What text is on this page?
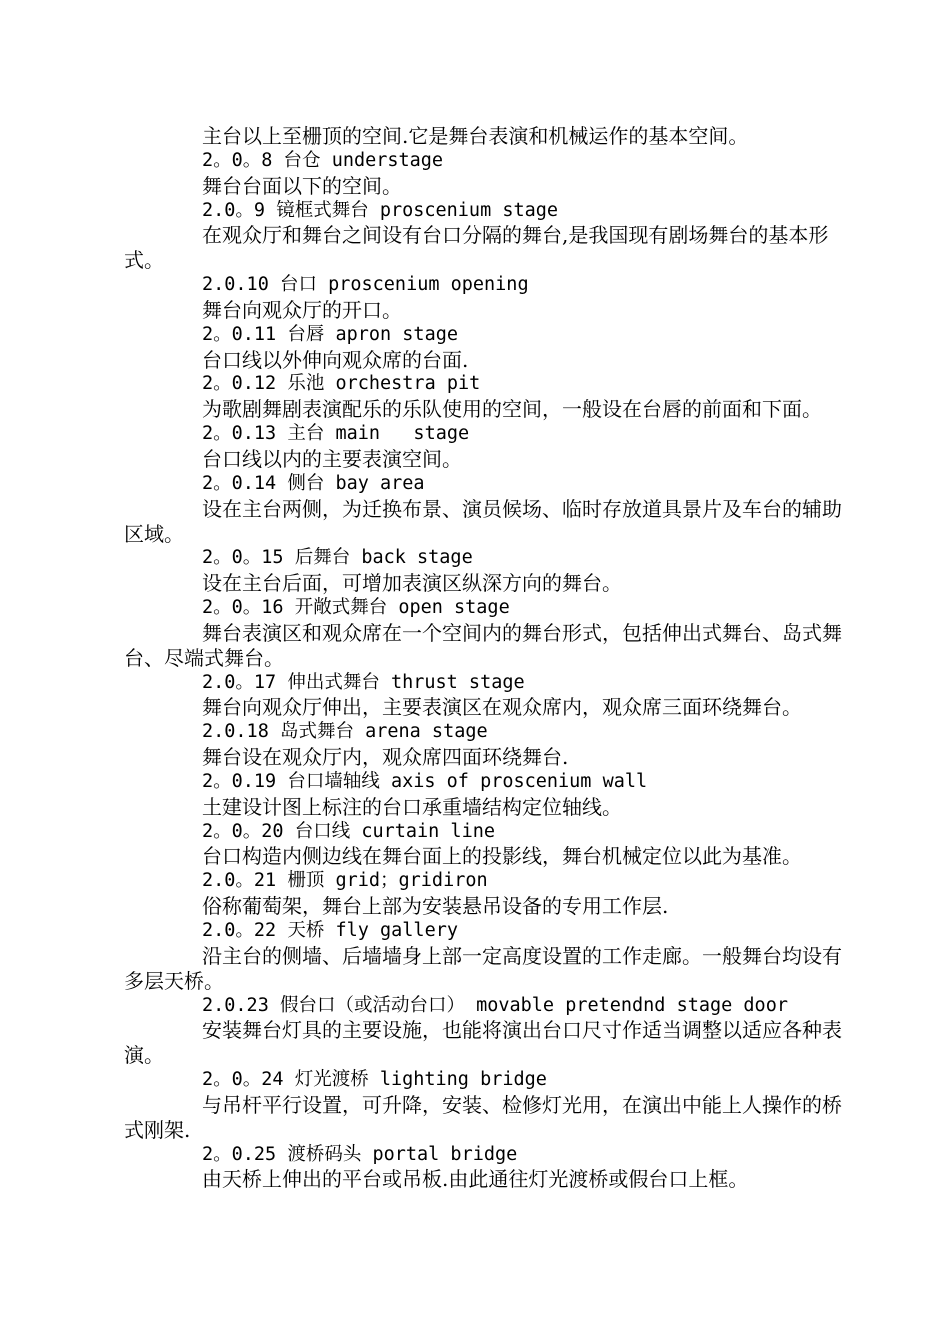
主台以上至栅顶的空间.它是舞台表演和机械运作的基本空间。

2。0。8 台仓 understage

舞台台面以下的空间。

2.0。9 镜框式舞台 proscenium stage

在观众厅和舞台之间设有台口分隔的舞台,是我国现有剧场舞台的基本形式。

2.0.10 台口 proscenium opening

舞台向观众厅的开口。

2。0.11 台唇 apron stage

台口线以外伸向观众席的台面.

2。0.12 乐池 orchestra pit

为歌剧舞剧表演配乐的乐队使用的空间，一般设在台唇的前面和下面。

2。0.13 主台 main   stage

台口线以内的主要表演空间。

2。0.14 侧台 bay area

设在主台两侧，为迁换布景、演员候场、临时存放道具景片及车台的辅助区域。

2。0。15 后舞台 back stage

设在主台后面，可增加表演区纵深方向的舞台。

2。0。16 开敞式舞台 open stage

舞台表演区和观众席在一个空间内的舞台形式，包括伸出式舞台、岛式舞台、尽端式舞台。

2.0。17 伸出式舞台 thrust stage

舞台向观众厅伸出，主要表演区在观众席内，观众席三面环绕舞台。

2.0.18 岛式舞台 arena stage

舞台设在观众厅内，观众席四面环绕舞台.

2。0.19 台口墙轴线 axis of proscenium wall

土建设计图上标注的台口承重墙结构定位轴线。

2。0。20 台口线 curtain line

台口构造内侧边线在舞台面上的投影线，舞台机械定位以此为基准。

2.0。21 栅顶 grid；gridiron

俗称葡萄架，舞台上部为安装悬吊设备的专用工作层.

2.0。22 天桥 fly gallery

沿主台的侧墙、后墙墙身上部一定高度设置的工作走廊。一般舞台均设有多层天桥。

2.0.23 假台口（或活动台口） movable pretendnd stage door

安装舞台灯具的主要设施，也能将演出台口尺寸作适当调整以适应各种表演。

2。0。24 灯光渡桥 lighting bridge

与吊杆平行设置，可升降，安装、检修灯光用，在演出中能上人操作的桥式刚架.

2。0.25 渡桥码头 portal bridge

由天桥上伸出的平台或吊板.由此通往灯光渡桥或假台口上框。
